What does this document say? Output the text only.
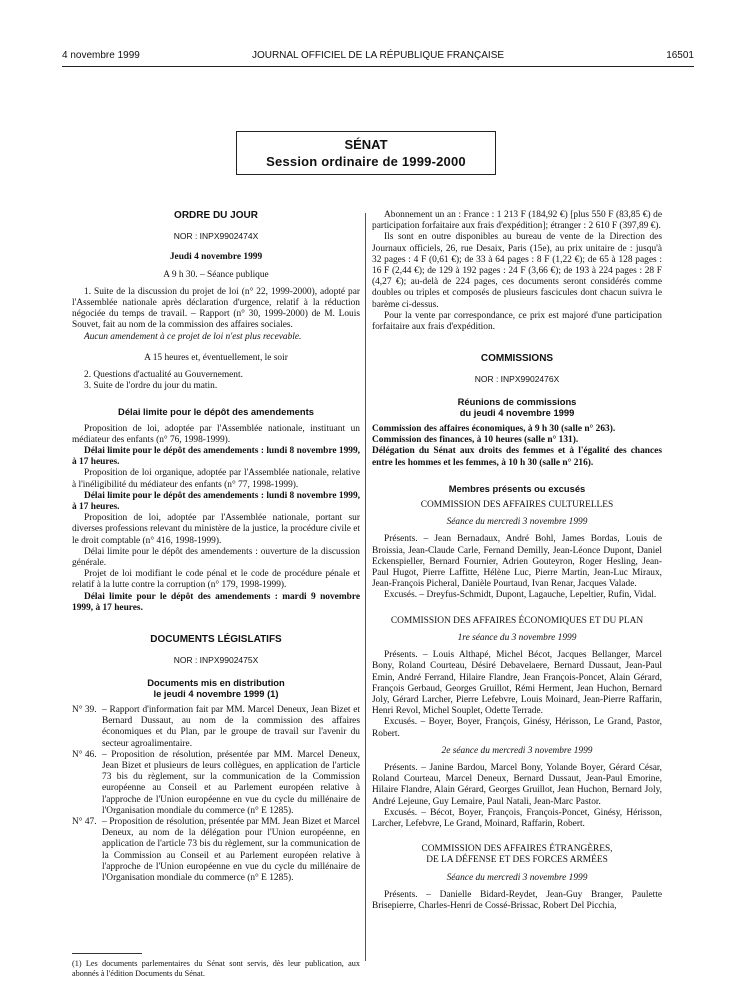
4 novembre 1999	JOURNAL OFFICIEL DE LA RÉPUBLIQUE FRANÇAISE	16501
SÉNAT
Session ordinaire de 1999-2000
ORDRE DU JOUR
NOR : INPX9902474X
Jeudi 4 novembre 1999

A 9 h 30. – Séance publique

1. Suite de la discussion du projet de loi (n° 22, 1999-2000), adopté par l'Assemblée nationale après déclaration d'urgence, relatif à la réduction négociée du temps de travail. – Rapport (n° 30, 1999-2000) de M. Louis Souvet, fait au nom de la commission des affaires sociales.

Aucun amendement à ce projet de loi n'est plus recevable.

A 15 heures et, éventuellement, le soir

2. Questions d'actualité au Gouvernement.

3. Suite de l'ordre du jour du matin.

Délai limite pour le dépôt des amendements

Proposition de loi, adoptée par l'Assemblée nationale, instituant un médiateur des enfants (n° 76, 1998-1999).

Délai limite pour le dépôt des amendements : lundi 8 novembre 1999, à 17 heures.

Proposition de loi organique, adoptée par l'Assemblée nationale, relative à l'inéligibilité du médiateur des enfants (n° 77, 1998-1999).

Délai limite pour le dépôt des amendements : lundi 8 novembre 1999, à 17 heures.

Proposition de loi, adoptée par l'Assemblée nationale, portant sur diverses professions relevant du ministère de la justice, la procédure civile et le droit comptable (n° 416, 1998-1999).

Délai limite pour le dépôt des amendements : ouverture de la discussion générale.

Projet de loi modifiant le code pénal et le code de procédure pénale et relatif à la lutte contre la corruption (n° 179, 1998-1999).

Délai limite pour le dépôt des amendements : mardi 9 novembre 1999, à 17 heures.

DOCUMENTS LÉGISLATIFS
NOR : INPX9902475X
Documents mis en distribution
le jeudi 4 novembre 1999 (1)
N° 39. – Rapport d'information fait par MM. Marcel Deneux, Jean Bizet et Bernard Dussaut, au nom de la commission des affaires économiques et du Plan, par le groupe de travail sur l'avenir du secteur agroalimentaire.
N° 46. – Proposition de résolution, présentée par MM. Marcel Deneux, Jean Bizet et plusieurs de leurs collègues, en application de l'article 73 bis du règlement, sur la communication de la Commission européenne au Conseil et au Parlement européen relative à l'approche de l'Union européenne en vue du cycle du millénaire de l'Organisation mondiale du commerce (n° E 1285).
N° 47. – Proposition de résolution, présentée par MM. Jean Bizet et Marcel Deneux, au nom de la délégation pour l'Union européenne, en application de l'article 73 bis du règlement, sur la communication de la Commission au Conseil et au Parlement européen relative à l'approche de l'Union européenne en vue du cycle du millénaire de l'Organisation mondiale du commerce (n° E 1285).

(1) Les documents parlementaires du Sénat sont servis, dès leur publication, aux abonnés à l'édition Documents du Sénat.

Abonnement un an : France : 1 213 F (184,92 €) [plus 550 F (83,85 €) de participation forfaitaire aux frais d'expédition]; étranger : 2 610 F (397,89 €).

Ils sont en outre disponibles au bureau de vente de la Direction des Journaux officiels, 26, rue Desaix, Paris (15e), au prix unitaire de : jusqu'à 32 pages : 4 F (0,61 €); de 33 à 64 pages : 8 F (1,22 €); de 65 à 128 pages : 16 F (2,44 €); de 129 à 192 pages : 24 F (3,66 €); de 193 à 224 pages : 28 F (4,27 €); au-delà de 224 pages, ces documents seront considérés comme doubles ou triples et composés de plusieurs fascicules dont chacun suivra le barème ci-dessus.

Pour la vente par correspondance, ce prix est majoré d'une participation forfaitaire aux frais d'expédition.

COMMISSIONS
NOR : INPX9902476X
Réunions de commissions
du jeudi 4 novembre 1999

Commission des affaires économiques, à 9 h 30 (salle n° 263).

Commission des finances, à 10 heures (salle n° 131).

Délégation du Sénat aux droits des femmes et à l'égalité des chances entre les hommes et les femmes, à 10 h 30 (salle n° 216).

Membres présents ou excusés
COMMISSION DES AFFAIRES CULTURELLES

Séance du mercredi 3 novembre 1999

Présents. – Jean Bernadaux, André Bohl, James Bordas, Louis de Broissia, Jean-Claude Carle, Fernand Demilly, Jean-Léonce Dupont, Daniel Eckenspieller, Bernard Fournier, Adrien Gouteyron, Roger Hesling, Jean-Paul Hugot, Pierre Laffitte, Hélène Luc, Pierre Martin, Jean-Luc Miraux, Jean-François Picheral, Danièle Pourtaud, Ivan Renar, Jacques Valade.

Excusés. – Dreyfus-Schmidt, Dupont, Lagauche, Lepeltier, Rufin, Vidal.

COMMISSION DES AFFAIRES ÉCONOMIQUES ET DU PLAN

1re séance du 3 novembre 1999

Présents. – Louis Althapé, Michel Bécot, Jacques Bellanger, Marcel Bony, Roland Courteau, Désiré Debavelaere, Bernard Dussaut, Jean-Paul Emin, André Ferrand, Hilaire Flandre, Jean François-Poncet, Alain Gérard, François Gerbaud, Georges Gruillot, Rémi Herment, Jean Huchon, Bernard Joly, Gérard Larcher, Pierre Lefebvre, Louis Moinard, Jean-Pierre Raffarin, Henri Revol, Michel Souplet, Odette Terrade.

Excusés. – Boyer, Boyer, François, Ginésy, Hérisson, Le Grand, Pastor, Robert.

2e séance du mercredi 3 novembre 1999

Présents. – Janine Bardou, Marcel Bony, Yolande Boyer, Gérard César, Roland Courteau, Marcel Deneux, Bernard Dussaut, Jean-Paul Emorine, Hilaire Flandre, Alain Gérard, Georges Gruillot, Jean Huchon, Bernard Joly, André Lejeune, Guy Lemaire, Paul Natali, Jean-Marc Pastor.

Excusés. – Bécot, Boyer, François, François-Poncet, Ginésy, Hérisson, Larcher, Lefebvre, Le Grand, Moinard, Raffarin, Robert.

COMMISSION DES AFFAIRES ÉTRANGÈRES,
DE LA DÉFENSE ET DES FORCES ARMÉES

Séance du mercredi 3 novembre 1999

Présents. – Danielle Bidard-Reydet, Jean-Guy Branger, Paulette Brisepierre, Charles-Henri de Cossé-Brissac, Robert Del Picchia,
